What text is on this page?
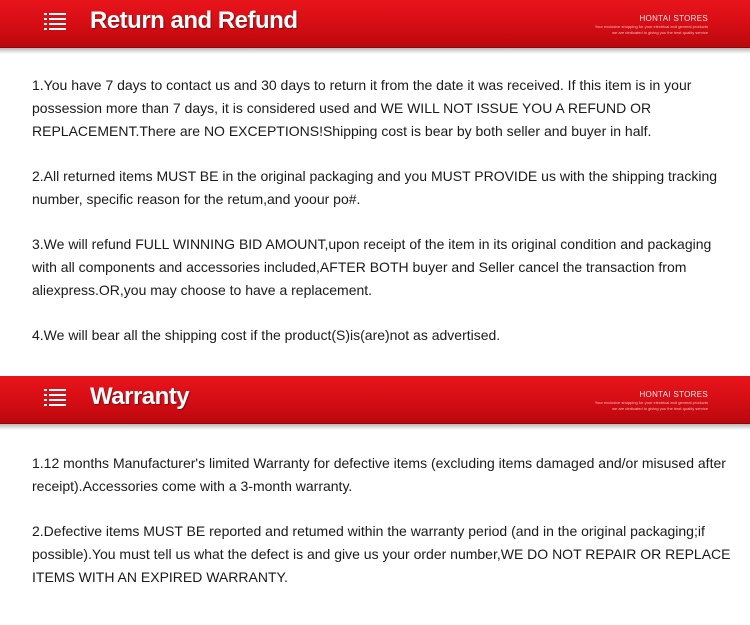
Return and Refund	HONTAI STORES
Your exclusive shopping for your electrical and general products
we are dedicated to giving you the best quality service

1.You have 7 days to contact us and 30 days to return it from the date it was received. If this item is in your possession more than 7 days, it is considered used and WE WILL NOT ISSUE YOU A REFUND OR REPLACEMENT.There are NO EXCEPTIONS!Shipping cost is bear by both seller and buyer in half.

2.All returned items MUST BE in the original packaging and you MUST PROVIDE us with the shipping tracking number, specific reason for the retum,and yoour po#.

3.We will refund FULL WINNING BID AMOUNT,upon receipt of the item in its original condition and packaging with all components and accessories included,AFTER BOTH buyer and Seller cancel the transaction from aliexpress.OR,you may choose to have a replacement.

4.We will bear all the shipping cost if the product(S)is(are)not as advertised.

Warranty	HONTAI STORES
Your exclusive shopping for your electrical and general products
we are dedicated to giving you the best quality service

1.12 months Manufacturer's limited Warranty for defective items (excluding items damaged and/or misused after receipt).Accessories come with a 3-month warranty.

2.Defective items MUST BE reported and retumed within the warranty period (and in the original packaging;if possible).You must tell us what the defect is and give us your order number,WE DO NOT REPAIR OR REPLACE ITEMS WITH AN EXPIRED WARRANTY.
